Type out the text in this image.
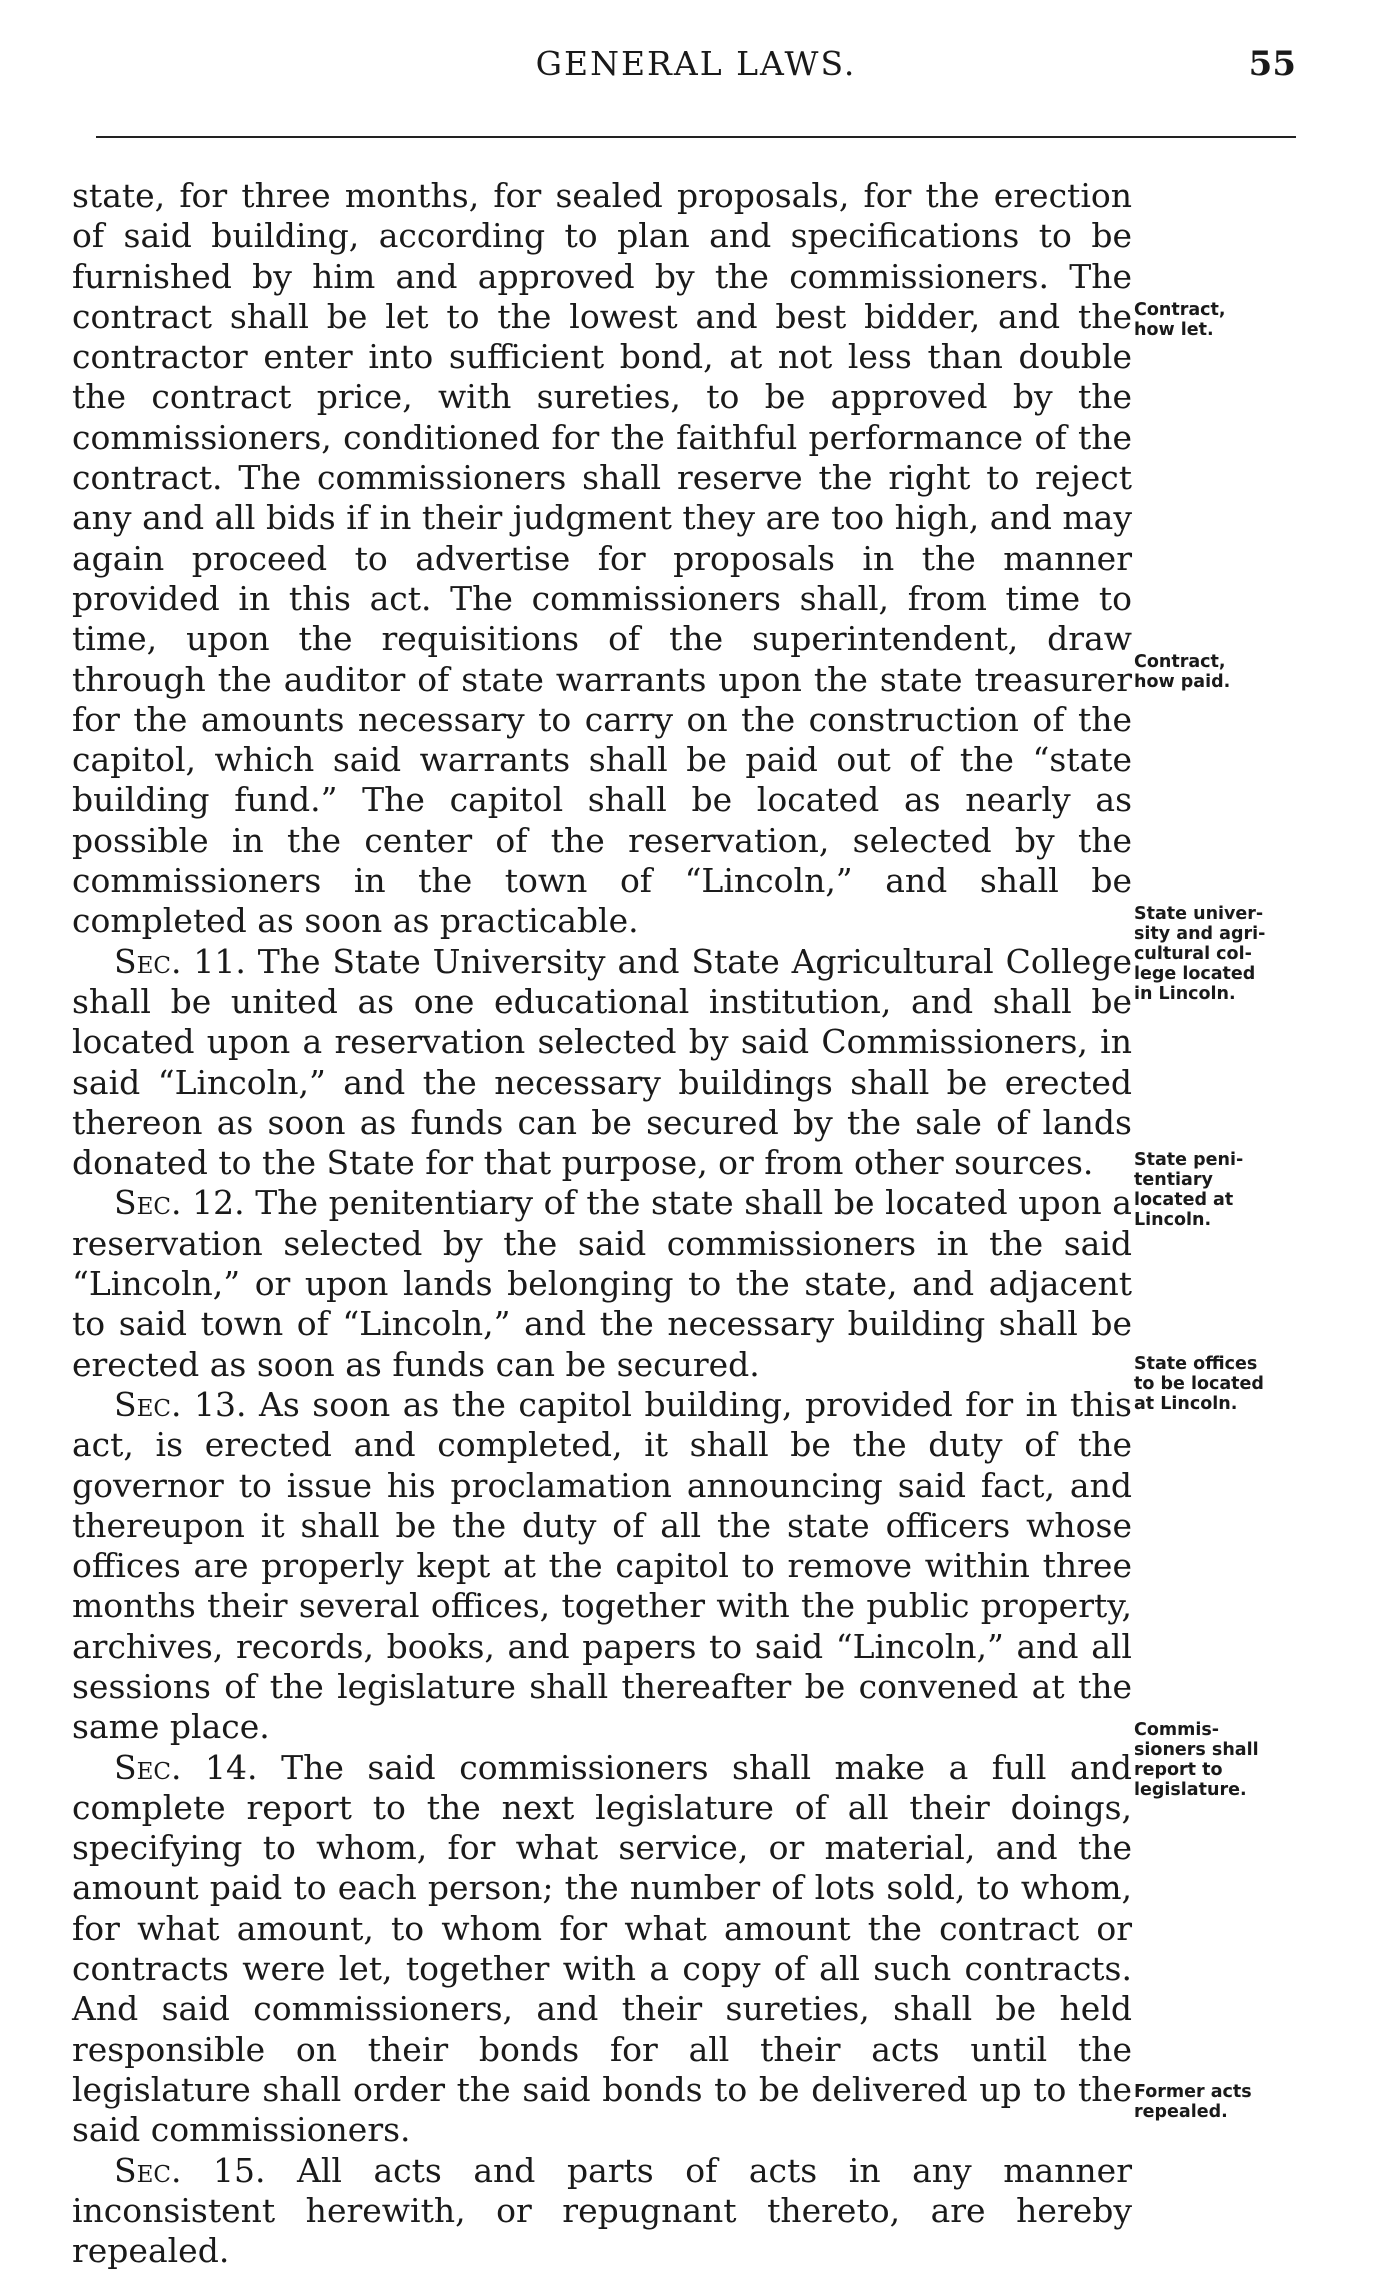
GENERAL LAWS.	55

state, for three months, for sealed proposals, for the erection of said building, according to plan and specifications to be furnished by him and approved by the commissioners. The contract shall be let to the lowest and best bidder, and the contractor enter into sufficient bond, at not less than double the contract price, with sureties, to be approved by the commissioners, conditioned for the faithful performance of the contract. The commissioners shall reserve the right to reject any and all bids if in their judgment they are too high, and may again proceed to advertise for proposals in the manner provided in this act. The commissioners shall, from time to time, upon the requisitions of the superintendent, draw through the auditor of state warrants upon the state treasurer for the amounts necessary to carry on the construction of the capitol, which said warrants shall be paid out of the “state building fund.” The capitol shall be located as nearly as possible in the center of the reservation, selected by the commissioners in the town of “Lincoln,” and shall be completed as soon as practicable.

Sec. 11. The State University and State Agricultural College shall be united as one educational institution, and shall be located upon a reservation selected by said Commissioners, in said “Lincoln,” and the necessary buildings shall be erected thereon as soon as funds can be secured by the sale of lands donated to the State for that purpose, or from other sources.

Sec. 12. The penitentiary of the state shall be located upon a reservation selected by the said commissioners in the said “Lincoln,” or upon lands belonging to the state, and adjacent to said town of “Lincoln,” and the necessary building shall be erected as soon as funds can be secured.

Sec. 13. As soon as the capitol building, provided for in this act, is erected and completed, it shall be the duty of the governor to issue his proclamation announcing said fact, and thereupon it shall be the duty of all the state officers whose offices are properly kept at the capitol to remove within three months their several offices, together with the public property, archives, records, books, and papers to said “Lincoln,” and all sessions of the legislature shall thereafter be convened at the same place.

Sec. 14. The said commissioners shall make a full and complete report to the next legislature of all their doings, specifying to whom, for what service, or material, and the amount paid to each person; the number of lots sold, to whom, for what amount, to whom for what amount the contract or contracts were let, together with a copy of all such contracts. And said commissioners, and their sureties, shall be held responsible on their bonds for all their acts until the legislature shall order the said bonds to be delivered up to the said commissioners.

Sec. 15. All acts and parts of acts in any manner inconsistent herewith, or repugnant thereto, are hereby repealed.

Contract,
how let.
Contract,
how paid.
State univer-
sity and agri-
cultural col-
lege located
in Lincoln.
State peni-
tentiary
located at
Lincoln.
State offices
to be located
at Lincoln.
Commis-
sioners shall
report to
legislature.
Former acts
repealed.
